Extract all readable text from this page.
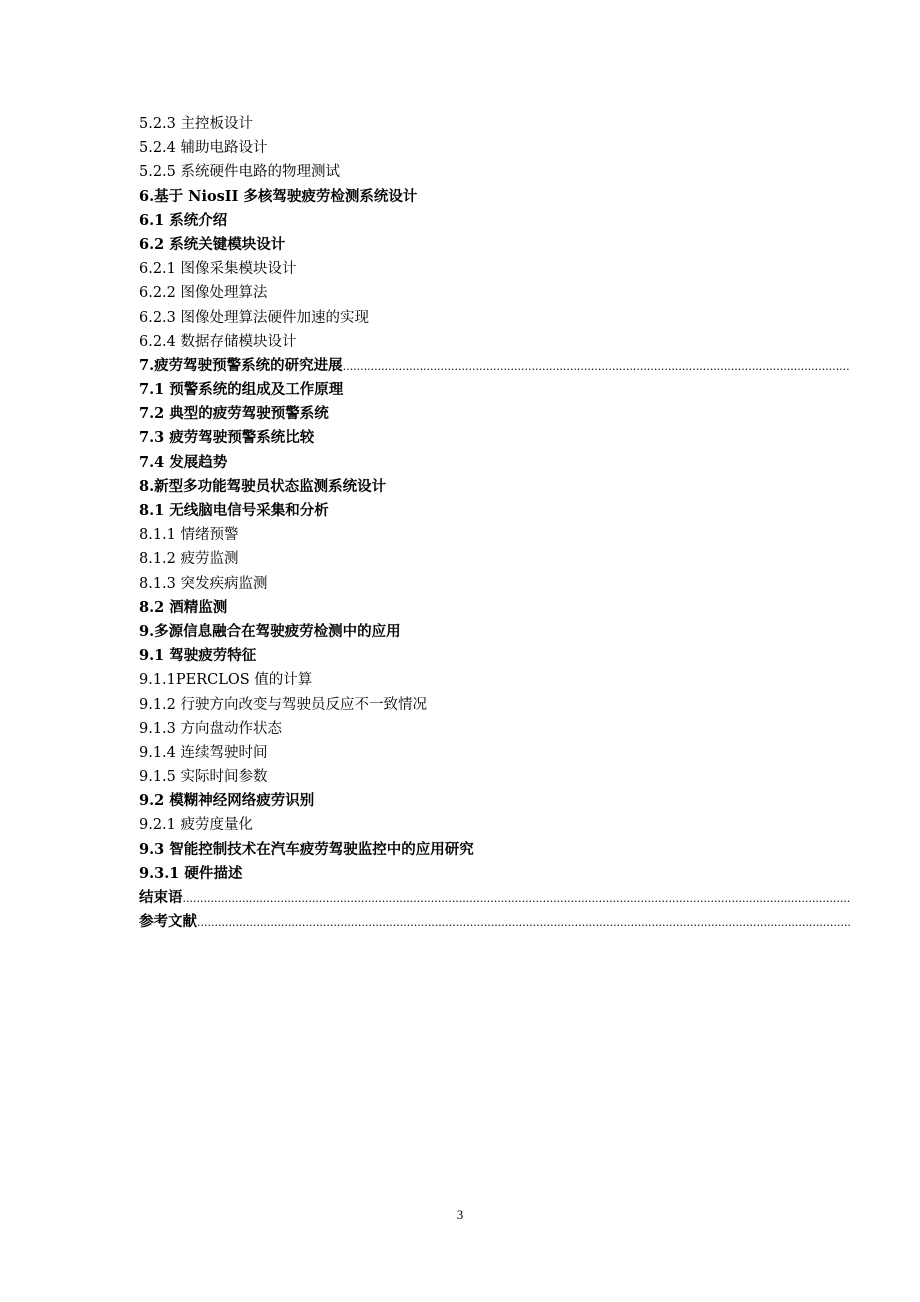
5.2.3 主控板设计
5.2.4 辅助电路设计
5.2.5 系统硬件电路的物理测试
6.基于 NiosII 多核驾驶疲劳检测系统设计
6.1 系统介绍
6.2 系统关键模块设计
6.2.1 图像采集模块设计
6.2.2 图像处理算法
6.2.3 图像处理算法硬件加速的实现
6.2.4 数据存储模块设计
7.疲劳驾驶预警系统的研究进展
.....
7.1 预警系统的组成及工作原理
7.2 典型的疲劳驾驶预警系统
7.3 疲劳驾驶预警系统比较
7.4 发展趋势
8.新型多功能驾驶员状态监测系统设计
8.1 无线脑电信号采集和分析
8.1.1 情绪预警
8.1.2 疲劳监测
8.1.3 突发疾病监测
8.2 酒精监测
9.多源信息融合在驾驶疲劳检测中的应用
9.1 驾驶疲劳特征
9.1.1PERCLOS 值的计算
9.1.2 行驶方向改变与驾驶员反应不一致情况
9.1.3 方向盘动作状态
9.1.4 连续驾驶时间
9.1.5 实际时间参数
9.2 模糊神经网络疲劳识别
9.2.1 疲劳度量化
9.3 智能控制技术在汽车疲劳驾驶监控中的应用研究
9.3.1 硬件描述
结束语
.....
参考文献
.....
3
